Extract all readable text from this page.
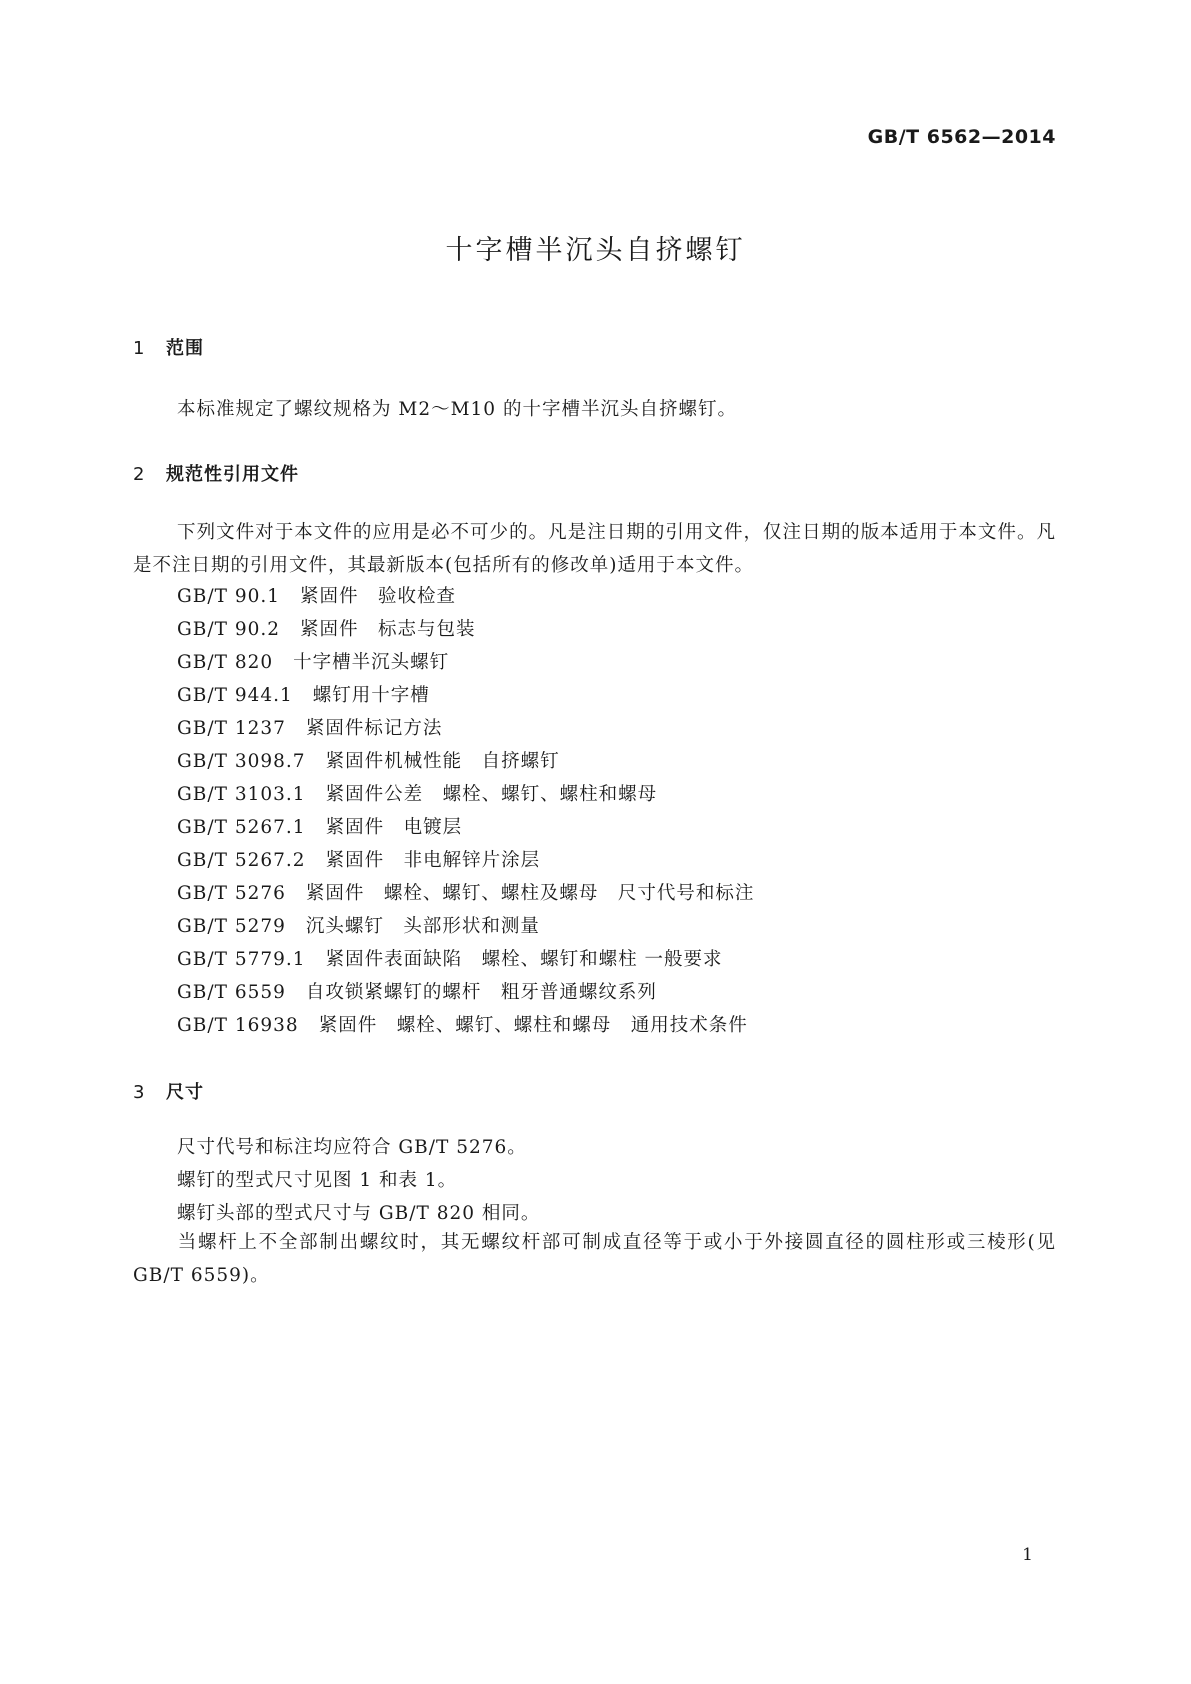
GB/T 6562—2014
十字槽半沉头自挤螺钉
1 范围
本标准规定了螺纹规格为 M2～M10 的十字槽半沉头自挤螺钉。
2 规范性引用文件
下列文件对于本文件的应用是必不可少的。凡是注日期的引用文件，仅注日期的版本适用于本文件。凡是不注日期的引用文件，其最新版本(包括所有的修改单)适用于本文件。
GB/T 90.1 紧固件　验收检查
GB/T 90.2 紧固件　标志与包装
GB/T 820 十字槽半沉头螺钉
GB/T 944.1 螺钉用十字槽
GB/T 1237 紧固件标记方法
GB/T 3098.7 紧固件机械性能　自挤螺钉
GB/T 3103.1 紧固件公差　螺栓、螺钉、螺柱和螺母
GB/T 5267.1 紧固件　电镀层
GB/T 5267.2 紧固件　非电解锌片涂层
GB/T 5276 紧固件　螺栓、螺钉、螺柱及螺母　尺寸代号和标注
GB/T 5279 沉头螺钉　头部形状和测量
GB/T 5779.1 紧固件表面缺陷　螺栓、螺钉和螺柱 一般要求
GB/T 6559 自攻锁紧螺钉的螺杆　粗牙普通螺纹系列
GB/T 16938 紧固件　螺栓、螺钉、螺柱和螺母　通用技术条件
3 尺寸
尺寸代号和标注均应符合 GB/T 5276。
螺钉的型式尺寸见图 1 和表 1。
螺钉头部的型式尺寸与 GB/T 820 相同。
当螺杆上不全部制出螺纹时，其无螺纹杆部可制成直径等于或小于外接圆直径的圆柱形或三棱形(见 GB/T 6559)。
1
